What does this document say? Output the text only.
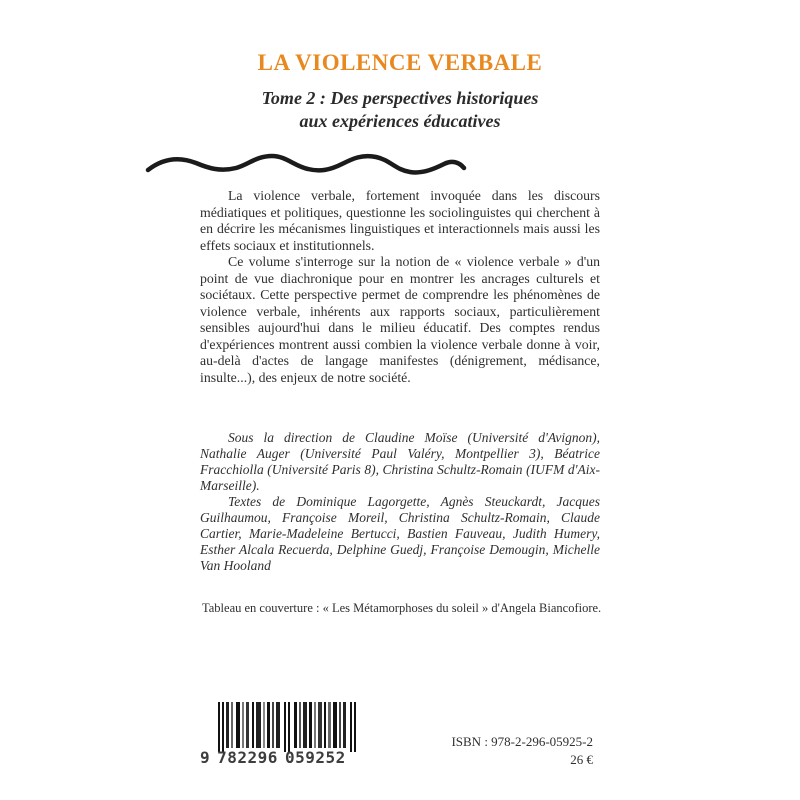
LA VIOLENCE VERBALE
Tome 2 : Des perspectives historiques
aux expériences éducatives

La violence verbale, fortement invoquée dans les discours médiatiques et politiques, questionne les sociolinguistes qui cherchent à en décrire les mécanismes linguistiques et interactionnels mais aussi les effets sociaux et institutionnels.

Ce volume s'interroge sur la notion de « violence verbale » d'un point de vue diachronique pour en montrer les ancrages culturels et sociétaux. Cette perspective permet de comprendre les phénomènes de violence verbale, inhérents aux rapports sociaux, particulièrement sensibles aujourd'hui dans le milieu éducatif. Des comptes rendus d'expériences montrent aussi combien la violence verbale donne à voir, au-delà d'actes de langage manifestes (dénigrement, médisance, insulte...), des enjeux de notre société.

Sous la direction de Claudine Moïse (Université d'Avignon), Nathalie Auger (Université Paul Valéry, Montpellier 3), Béatrice Fracchiolla (Université Paris 8), Christina Schultz-Romain (IUFM d'Aix-Marseille).

Textes de Dominique Lagorgette, Agnès Steuckardt, Jacques Guilhaumou, Françoise Moreil, Christina Schultz-Romain, Claude Cartier, Marie-Madeleine Bertucci, Bastien Fauveau, Judith Humery, Esther Alcala Recuerda, Delphine Guedj, Françoise Demougin, Michelle Van Hooland

Tableau en couverture : « Les Métamorphoses du soleil » d'Angela Biancofiore.
9 782296 059252
ISBN : 978-2-296-05925-2
26 €
